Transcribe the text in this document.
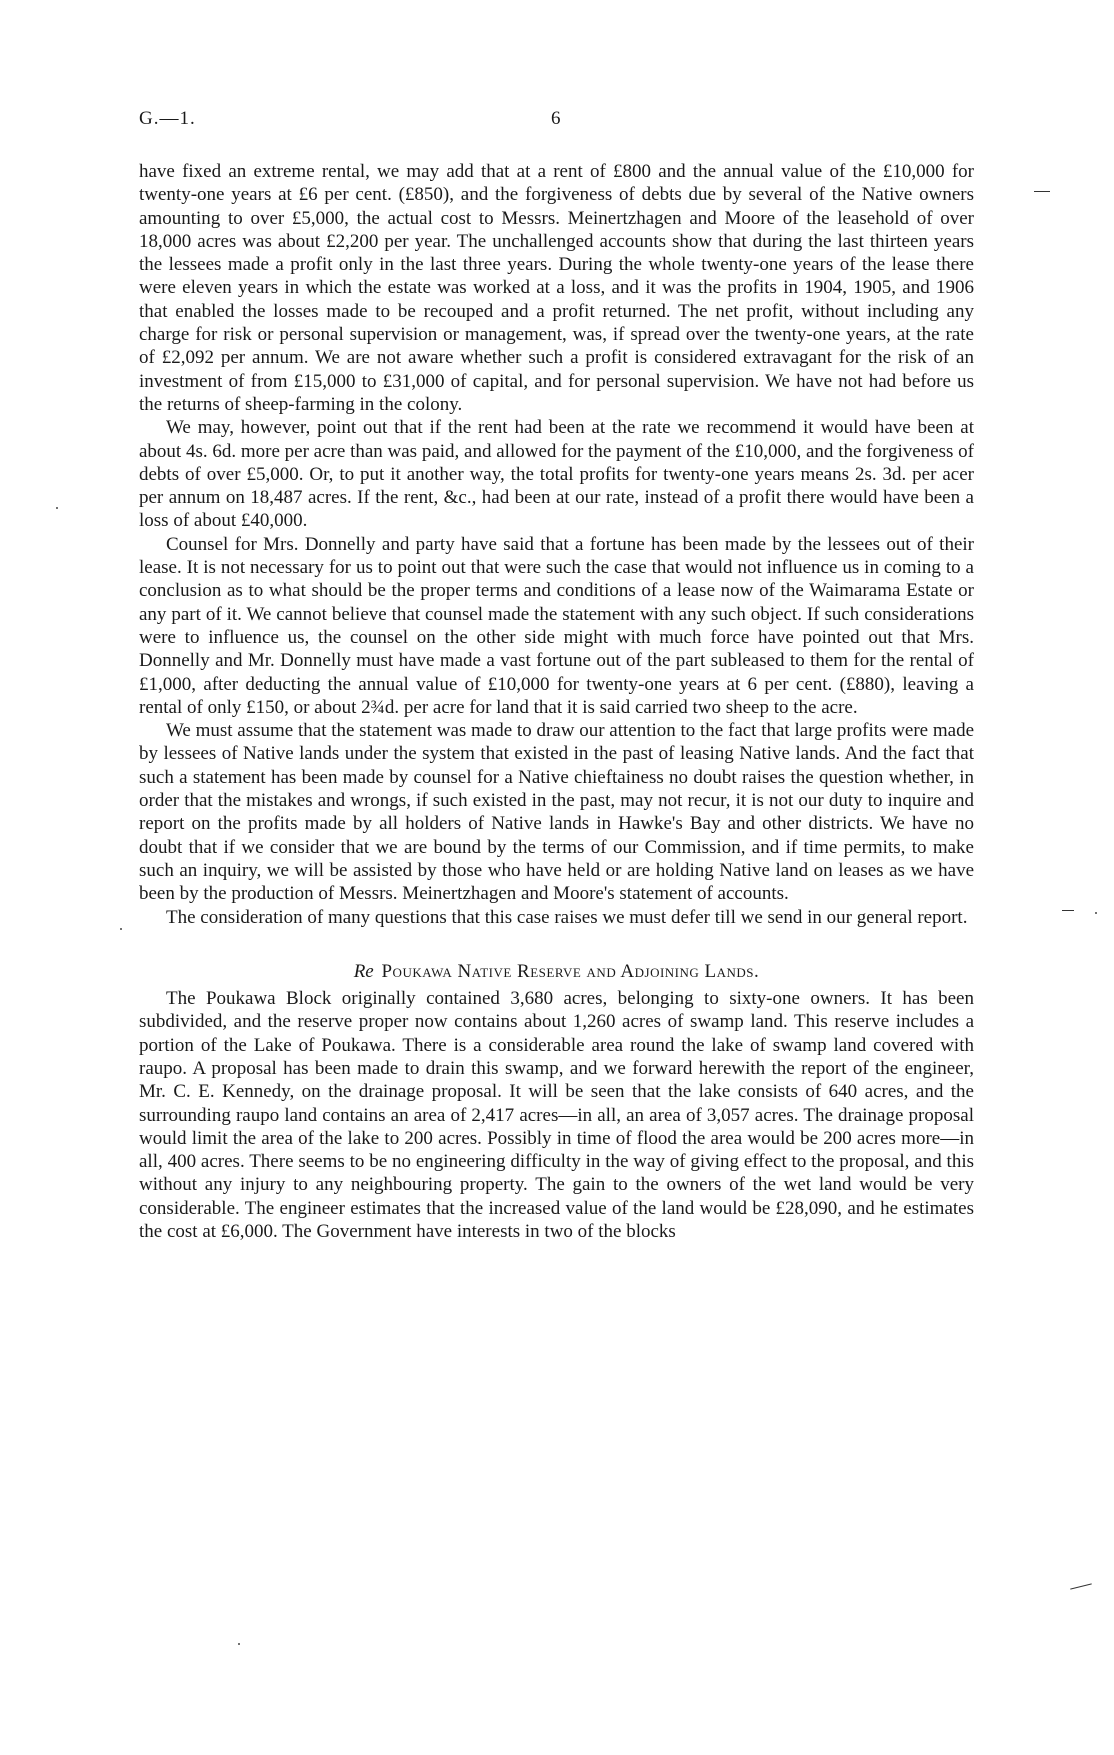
G.—1.	6

have fixed an extreme rental, we may add that at a rent of £800 and the annual value of the £10,000 for twenty-one years at £6 per cent. (£850), and the forgiveness of debts due by several of the Native owners amounting to over £5,000, the actual cost to Messrs. Meinertzhagen and Moore of the leasehold of over 18,000 acres was about £2,200 per year. The unchallenged accounts show that during the last thirteen years the lessees made a profit only in the last three years. During the whole twenty-one years of the lease there were eleven years in which the estate was worked at a loss, and it was the profits in 1904, 1905, and 1906 that enabled the losses made to be recouped and a profit returned. The net profit, without including any charge for risk or personal supervision or management, was, if spread over the twenty-one years, at the rate of £2,092 per annum. We are not aware whether such a profit is considered extravagant for the risk of an investment of from £15,000 to £31,000 of capital, and for personal supervision. We have not had before us the returns of sheep-farming in the colony.

We may, however, point out that if the rent had been at the rate we recommend it would have been at about 4s. 6d. more per acre than was paid, and allowed for the payment of the £10,000, and the forgiveness of debts of over £5,000. Or, to put it another way, the total profits for twenty-one years means 2s. 3d. per acer per annum on 18,487 acres. If the rent, &c., had been at our rate, instead of a profit there would have been a loss of about £40,000.

Counsel for Mrs. Donnelly and party have said that a fortune has been made by the lessees out of their lease. It is not necessary for us to point out that were such the case that would not influence us in coming to a conclusion as to what should be the proper terms and conditions of a lease now of the Waimarama Estate or any part of it. We cannot believe that counsel made the statement with any such object. If such considerations were to influence us, the counsel on the other side might with much force have pointed out that Mrs. Donnelly and Mr. Donnelly must have made a vast fortune out of the part subleased to them for the rental of £1,000, after deducting the annual value of £10,000 for twenty-one years at 6 per cent. (£880), leaving a rental of only £150, or about 2¾d. per acre for land that it is said carried two sheep to the acre.

We must assume that the statement was made to draw our attention to the fact that large profits were made by lessees of Native lands under the system that existed in the past of leasing Native lands. And the fact that such a statement has been made by counsel for a Native chieftainess no doubt raises the question whether, in order that the mistakes and wrongs, if such existed in the past, may not recur, it is not our duty to inquire and report on the profits made by all holders of Native lands in Hawke's Bay and other districts. We have no doubt that if we consider that we are bound by the terms of our Commission, and if time permits, to make such an inquiry, we will be assisted by those who have held or are holding Native land on leases as we have been by the production of Messrs. Meinertzhagen and Moore's statement of accounts.

The consideration of many questions that this case raises we must defer till we send in our general report.

Re Poukawa Native Reserve and Adjoining Lands.

The Poukawa Block originally contained 3,680 acres, belonging to sixty-one owners. It has been subdivided, and the reserve proper now contains about 1,260 acres of swamp land. This reserve includes a portion of the Lake of Poukawa. There is a considerable area round the lake of swamp land covered with raupo. A proposal has been made to drain this swamp, and we forward herewith the report of the engineer, Mr. C. E. Kennedy, on the drainage proposal. It will be seen that the lake consists of 640 acres, and the surrounding raupo land contains an area of 2,417 acres—in all, an area of 3,057 acres. The drainage proposal would limit the area of the lake to 200 acres. Possibly in time of flood the area would be 200 acres more—in all, 400 acres. There seems to be no engineering difficulty in the way of giving effect to the proposal, and this without any injury to any neighbouring property. The gain to the owners of the wet land would be very considerable. The engineer estimates that the increased value of the land would be £28,090, and he estimates the cost at £6,000. The Government have interests in two of the blocks
